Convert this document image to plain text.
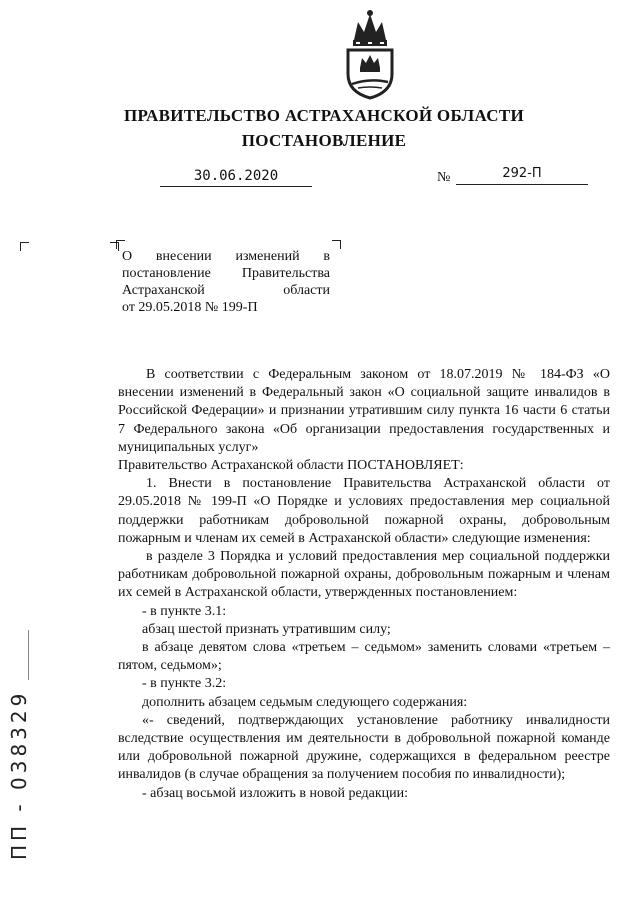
ПРАВИТЕЛЬСТВО АСТРАХАНСКОЙ ОБЛАСТИ
ПОСТАНОВЛЕНИЕ
30.06.2020	№	292-П
О внесении изменений в
постановление Правительства
Астраханской области
от 29.05.2018 № 199-П

В соответствии с Федеральным законом от 18.07.2019 № 184-ФЗ «О внесении изменений в Федеральный закон «О социальной защите инвалидов в Российской Федерации» и признании утратившим силу пункта 16 части 6 статьи 7 Федерального закона «Об организации предоставления государственных и муниципальных услуг»

Правительство Астраханской области ПОСТАНОВЛЯЕТ:

1. Внести в постановление Правительства Астраханской области от 29.05.2018 № 199-П «О Порядке и условиях предоставления мер социальной поддержки работникам добровольной пожарной охраны, добровольным пожарным и членам их семей в Астраханской области» следующие изменения:

в разделе 3 Порядка и условий предоставления мер социальной поддержки работникам добровольной пожарной охраны, добровольным пожарным и членам их семей в Астраханской области, утвержденных постановлением:

- в пункте 3.1:

абзац шестой признать утратившим силу;

в абзаце девятом слова «третьем – седьмом» заменить словами «третьем – пятом, седьмом»;

- в пункте 3.2:

дополнить абзацем седьмым следующего содержания:

«- сведений, подтверждающих установление работнику инвалидности вследствие осуществления им деятельности в добровольной пожарной команде или добровольной пожарной дружине, содержащихся в федеральном реестре инвалидов (в случае обращения за получением пособия по инвалидности);

- абзац восьмой изложить в новой редакции:

ПП - 038329
